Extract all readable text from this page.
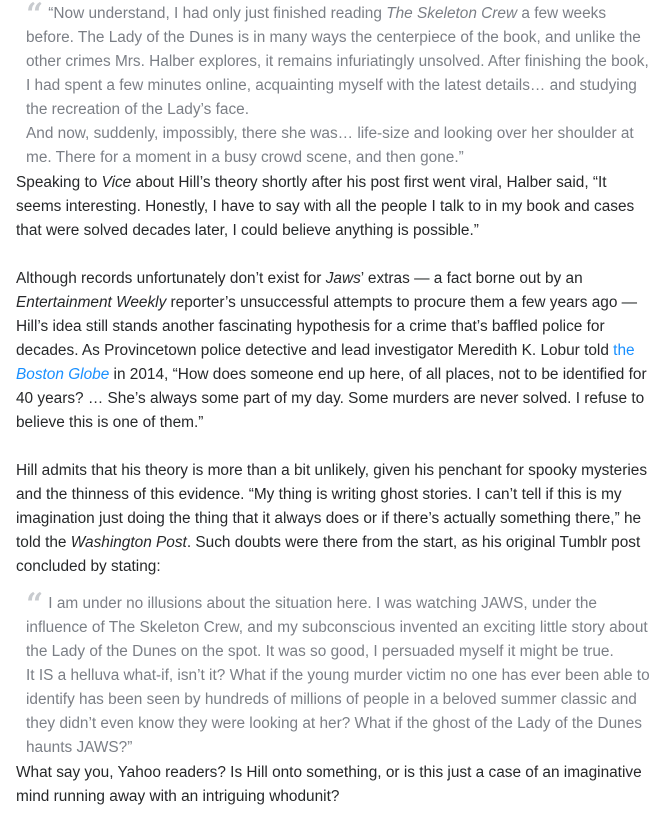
“ “Now understand, I had only just finished reading The Skeleton Crew a few weeks before. The Lady of the Dunes is in many ways the centerpiece of the book, and unlike the other crimes Mrs. Halber explores, it remains infuriatingly unsolved. After finishing the book, I had spent a few minutes online, acquainting myself with the latest details… and studying the recreation of the Lady’s face.

And now, suddenly, impossibly, there she was… life-size and looking over her shoulder at me. There for a moment in a busy crowd scene, and then gone.”

Speaking to Vice about Hill’s theory shortly after his post first went viral, Halber said, “It seems interesting. Honestly, I have to say with all the people I talk to in my book and cases that were solved decades later, I could believe anything is possible.”

Although records unfortunately don’t exist for Jaws’ extras — a fact borne out by an Entertainment Weekly reporter’s unsuccessful attempts to procure them a few years ago — Hill’s idea still stands another fascinating hypothesis for a crime that’s baffled police for decades. As Provincetown police detective and lead investigator Meredith K. Lobur told the Boston Globe in 2014, “How does someone end up here, of all places, not to be identified for 40 years? … She’s always some part of my day. Some murders are never solved. I refuse to believe this is one of them.”

Hill admits that his theory is more than a bit unlikely, given his penchant for spooky mysteries and the thinness of this evidence. “My thing is writing ghost stories. I can’t tell if this is my imagination just doing the thing that it always does or if there’s actually something there,” he told the Washington Post. Such doubts were there from the start, as his original Tumblr post concluded by stating:

“ I am under no illusions about the situation here. I was watching JAWS, under the influence of The Skeleton Crew, and my subconscious invented an exciting little story about the Lady of the Dunes on the spot. It was so good, I persuaded myself it might be true.

It IS a helluva what-if, isn’t it? What if the young murder victim no one has ever been able to identify has been seen by hundreds of millions of people in a beloved summer classic and they didn’t even know they were looking at her? What if the ghost of the Lady of the Dunes haunts JAWS?”

What say you, Yahoo readers? Is Hill onto something, or is this just a case of an imaginative mind running away with an intriguing whodunit?
